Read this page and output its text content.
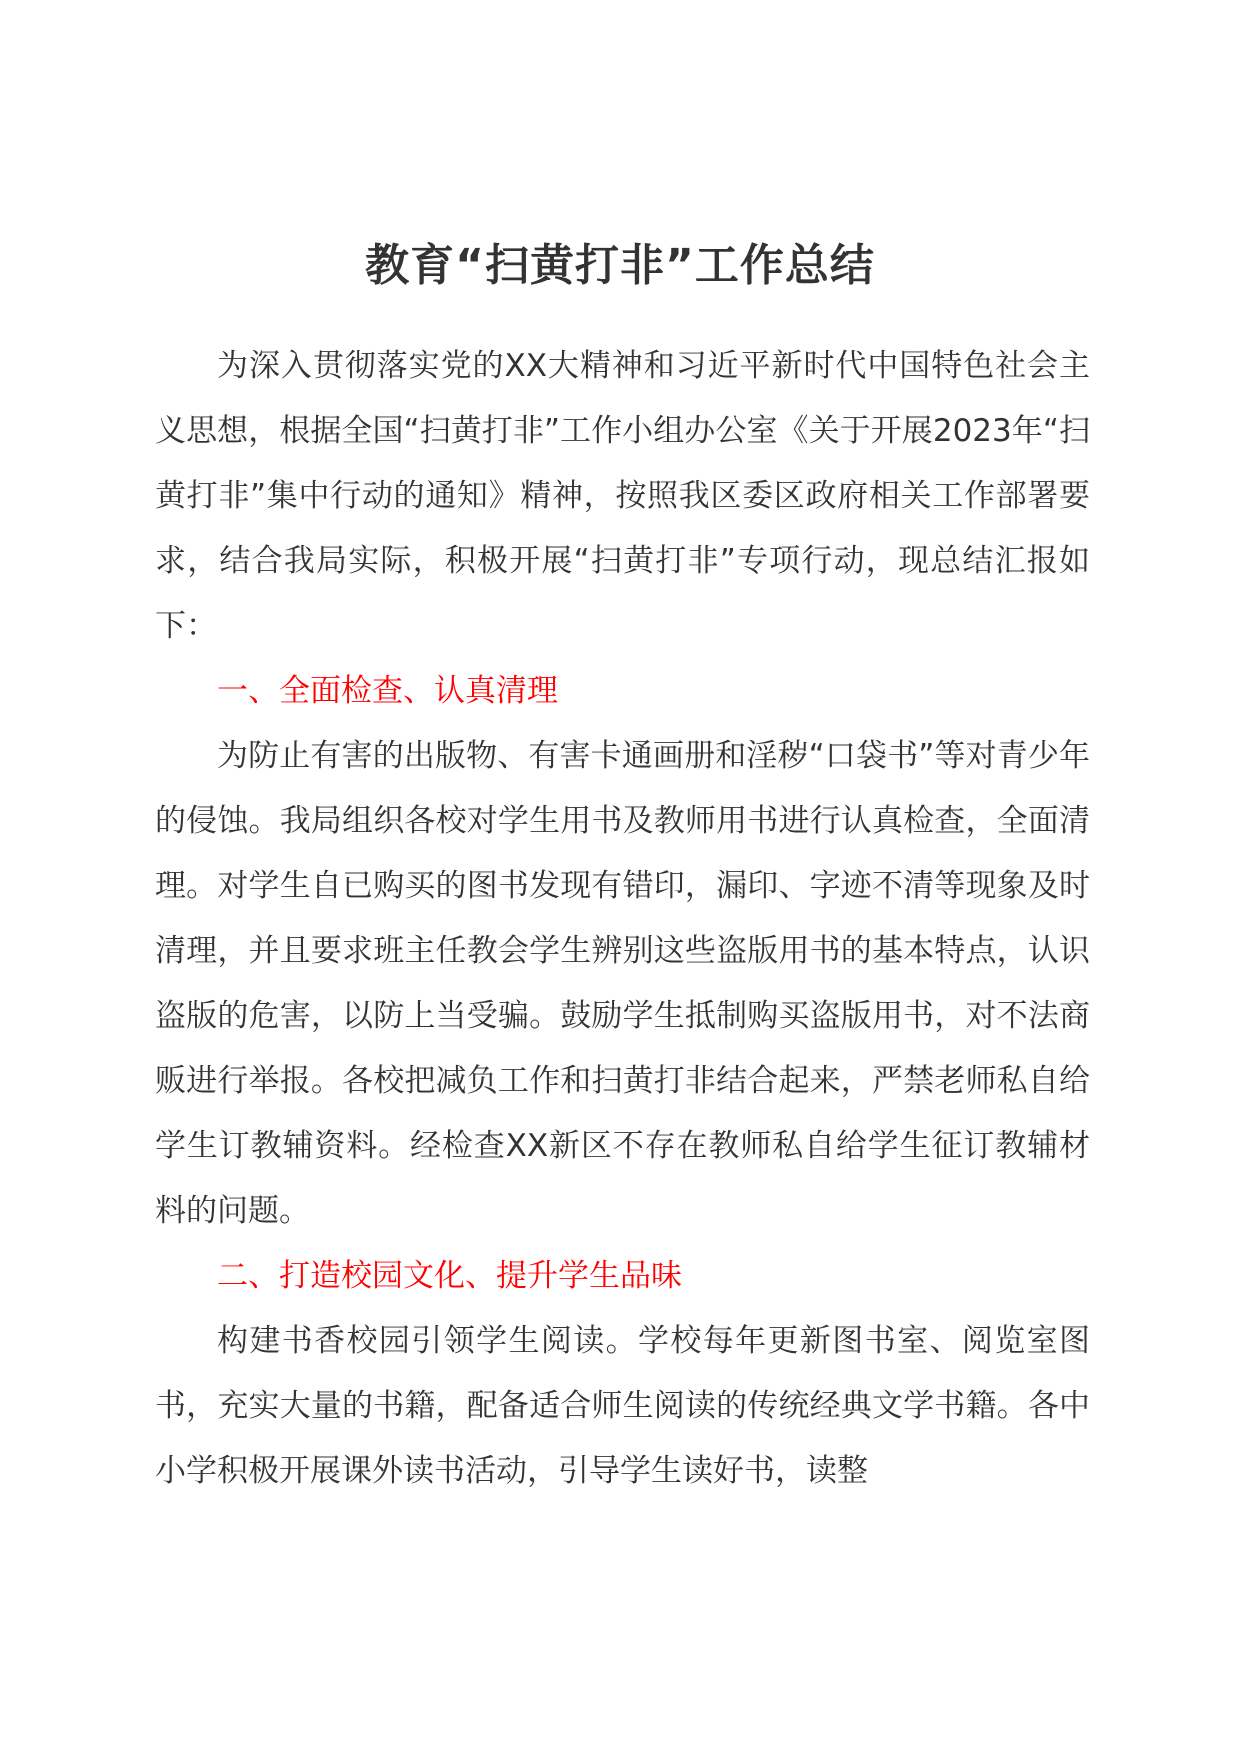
教育“扫黄打非”工作总结

为深入贯彻落实党的XX大精神和习近平新时代中国特色社会主义思想，根据全国“扫黄打非”工作小组办公室《关于开展2023年“扫黄打非”集中行动的通知》精神，按照我区委区政府相关工作部署要求，结合我局实际，积极开展“扫黄打非”专项行动，现总结汇报如下：

一、全面检查、认真清理

为防止有害的出版物、有害卡通画册和淫秽“口袋书”等对青少年的侵蚀。我局组织各校对学生用书及教师用书进行认真检查，全面清理。对学生自已购买的图书发现有错印，漏印、字迹不清等现象及时清理，并且要求班主任教会学生辨别这些盗版用书的基本特点，认识盗版的危害，以防上当受骗。鼓励学生抵制购买盗版用书，对不法商贩进行举报。各校把减负工作和扫黄打非结合起来，严禁老师私自给学生订教辅资料。经检查XX新区不存在教师私自给学生征订教辅材料的问题。

二、打造校园文化、提升学生品味

构建书香校园引领学生阅读。学校每年更新图书室、阅览室图书，充实大量的书籍，配备适合师生阅读的传统经典文学书籍。各中小学积极开展课外读书活动，引导学生读好书，读整
